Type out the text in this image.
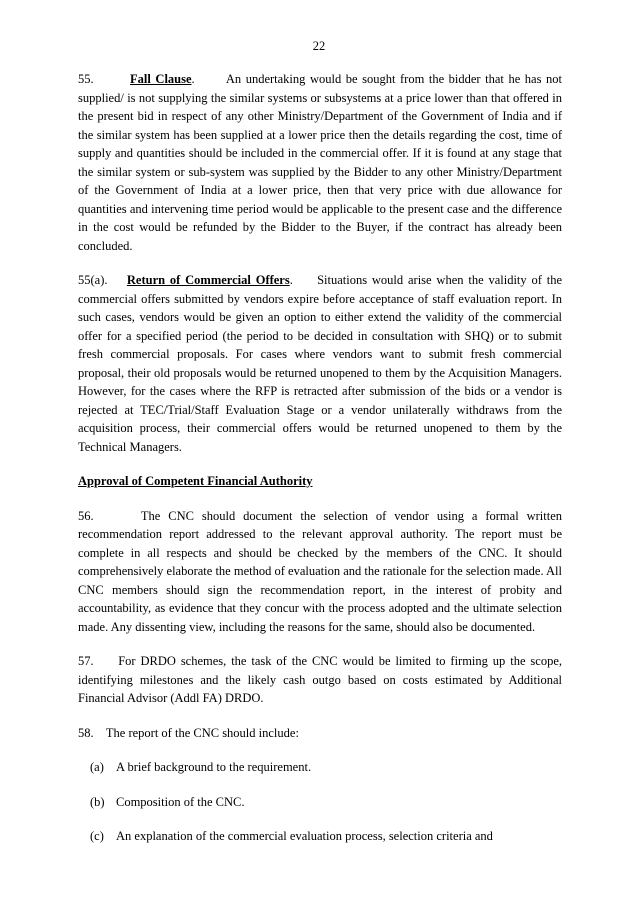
22

55.	Fall Clause.       An undertaking would be sought from the bidder that he has not supplied/ is not supplying the similar systems or subsystems at a price lower than that offered in the present bid in respect of any other Ministry/Department of the Government of India and if the similar system has been supplied at a lower price then the details regarding the cost, time of supply and quantities should be included in the commercial offer. If it is found at any stage that the similar system or sub-system was supplied by the Bidder to any other Ministry/Department of the Government of India at a lower price, then that very price with due allowance for quantities and intervening time period would be applicable to the present case and the difference in the cost would be refunded by the Bidder to the Buyer, if the contract has already been concluded.

55(a). Return of Commercial Offers.     Situations would arise when the validity of the commercial offers submitted by vendors expire before acceptance of staff evaluation report. In such cases, vendors would be given an option to either extend the validity of the commercial offer for a specified period (the period to be decided in consultation with SHQ) or to submit fresh commercial proposals. For cases where vendors want to submit fresh commercial proposal, their old proposals would be returned unopened to them by the Acquisition Managers. However, for the cases where the RFP is retracted after submission of the bids or a vendor is rejected at TEC/Trial/Staff Evaluation Stage or a vendor unilaterally withdraws from the acquisition process, their commercial offers would be returned unopened to them by the Technical Managers.

Approval of Competent Financial Authority

56.	The CNC should document the selection of vendor using a formal written recommendation report addressed to the relevant approval authority. The report must be complete in all respects and should be checked by the members of the CNC. It should comprehensively elaborate the method of evaluation and the rationale for the selection made. All CNC members should sign the recommendation report, in the interest of probity and accountability, as evidence that they concur with the process adopted and the ultimate selection made. Any dissenting view, including the reasons for the same, should also be documented.

57. For DRDO schemes, the task of the CNC would be limited to firming up the scope, identifying milestones and the likely cash outgo based on costs estimated by Additional Financial Advisor (Addl FA) DRDO.

58. The report of the CNC should include:

(a) A brief background to the requirement.
(b) Composition of the CNC.
(c) An explanation of the commercial evaluation process, selection criteria and
